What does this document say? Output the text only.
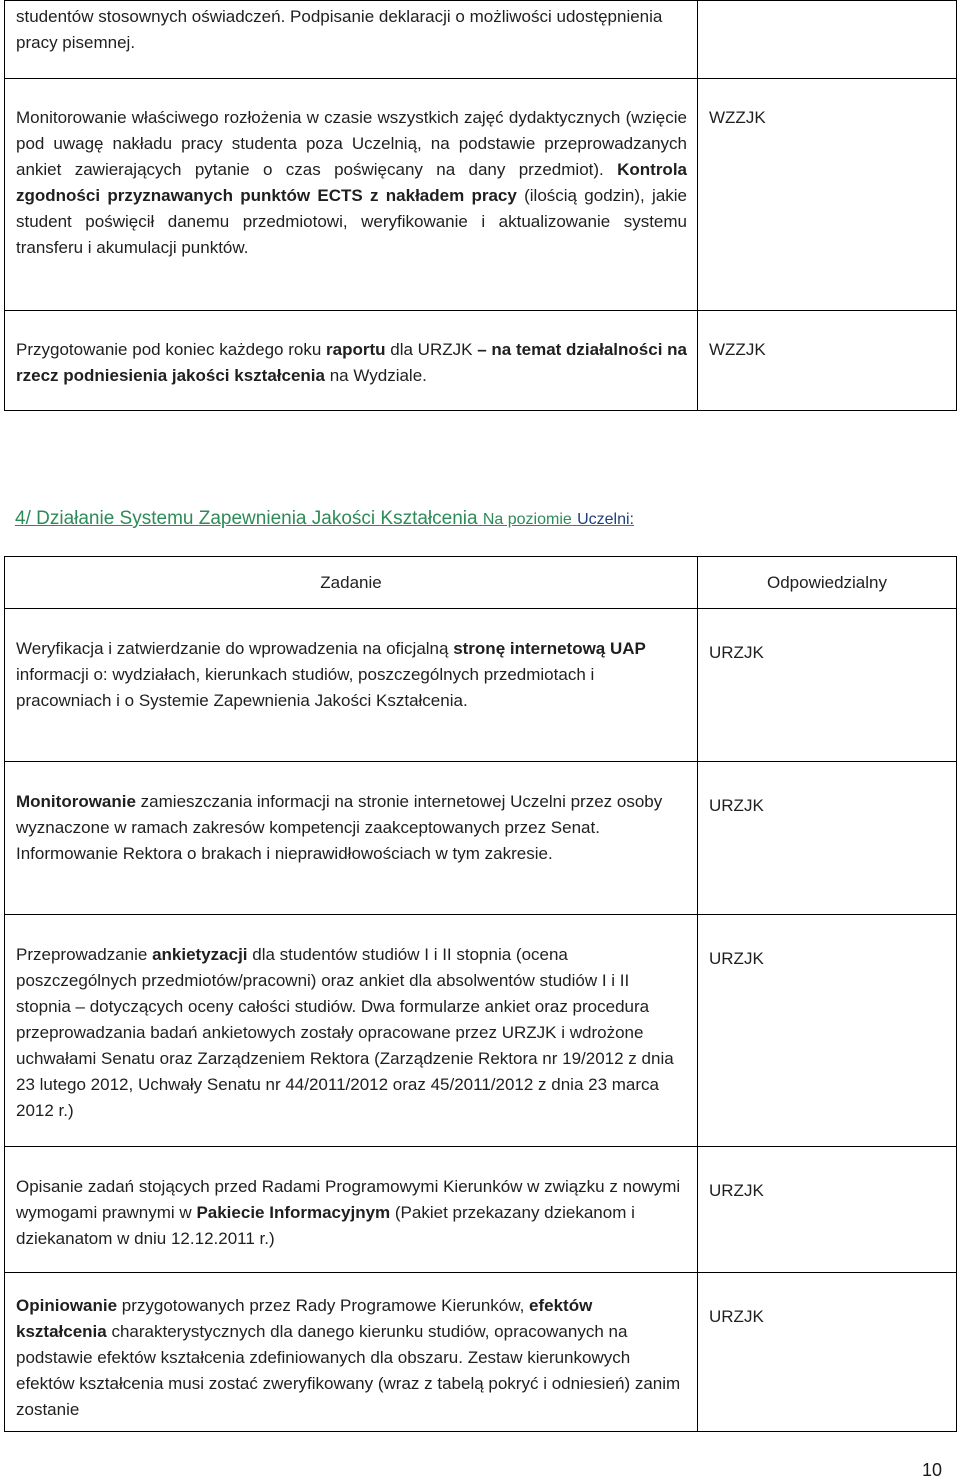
studentów stosownych oświadczeń. Podpisanie deklaracji o możliwości udostępnienia pracy pisemnej.	

Monitorowanie właściwego rozłożenia w czasie wszystkich zajęć dydaktycznych (wzięcie pod uwagę nakładu pracy studenta poza Uczelnią, na podstawie przeprowadzanych ankiet zawierających pytanie o czas poświęcany na dany przedmiot). Kontrola zgodności przyznawanych punktów ECTS z nakładem pracy (ilością godzin), jakie student poświęcił danemu przedmiotowi, weryfikowanie i aktualizowanie systemu transferu i akumulacji punktów.	WZZJK

Przygotowanie pod koniec każdego roku raportu dla URZJK – na temat działalności na rzecz podniesienia jakości kształcenia na Wydziale.	WZZJK
4/ Działanie Systemu Zapewnienia Jakości Kształcenia Na poziomie Uczelni:
Zadanie	Odpowiedzialny

Weryfikacja i zatwierdzanie do wprowadzenia na oficjalną stronę internetową UAP informacji o: wydziałach, kierunkach studiów, poszczególnych przedmiotach i pracowniach i o Systemie Zapewnienia Jakości Kształcenia.	URZJK

Monitorowanie zamieszczania informacji na stronie internetowej Uczelni przez osoby wyznaczone w ramach zakresów kompetencji zaakceptowanych przez Senat. Informowanie Rektora o brakach i nieprawidłowościach w tym zakresie.	URZJK

Przeprowadzanie ankietyzacji dla studentów studiów I i II stopnia (ocena poszczególnych przedmiotów/pracowni) oraz ankiet dla absolwentów studiów I i II stopnia – dotyczących oceny całości studiów. Dwa formularze ankiet oraz procedura przeprowadzania badań ankietowych zostały opracowane przez URZJK i wdrożone uchwałami Senatu oraz Zarządzeniem Rektora (Zarządzenie Rektora nr 19/2012 z dnia 23 lutego 2012, Uchwały Senatu nr 44/2011/2012 oraz 45/2011/2012 z dnia 23 marca 2012 r.)	URZJK

Opisanie zadań stojących przed Radami Programowymi Kierunków w związku z nowymi wymogami prawnymi w Pakiecie Informacyjnym (Pakiet przekazany dziekanom i dziekanatom w dniu 12.12.2011 r.)	URZJK

Opiniowanie przygotowanych przez Rady Programowe Kierunków, efektów kształcenia charakterystycznych dla danego kierunku studiów, opracowanych na podstawie efektów kształcenia zdefiniowanych dla obszaru. Zestaw kierunkowych efektów kształcenia musi zostać zweryfikowany (wraz z tabelą pokryć i odniesień) zanim zostanie	URZJK
10
